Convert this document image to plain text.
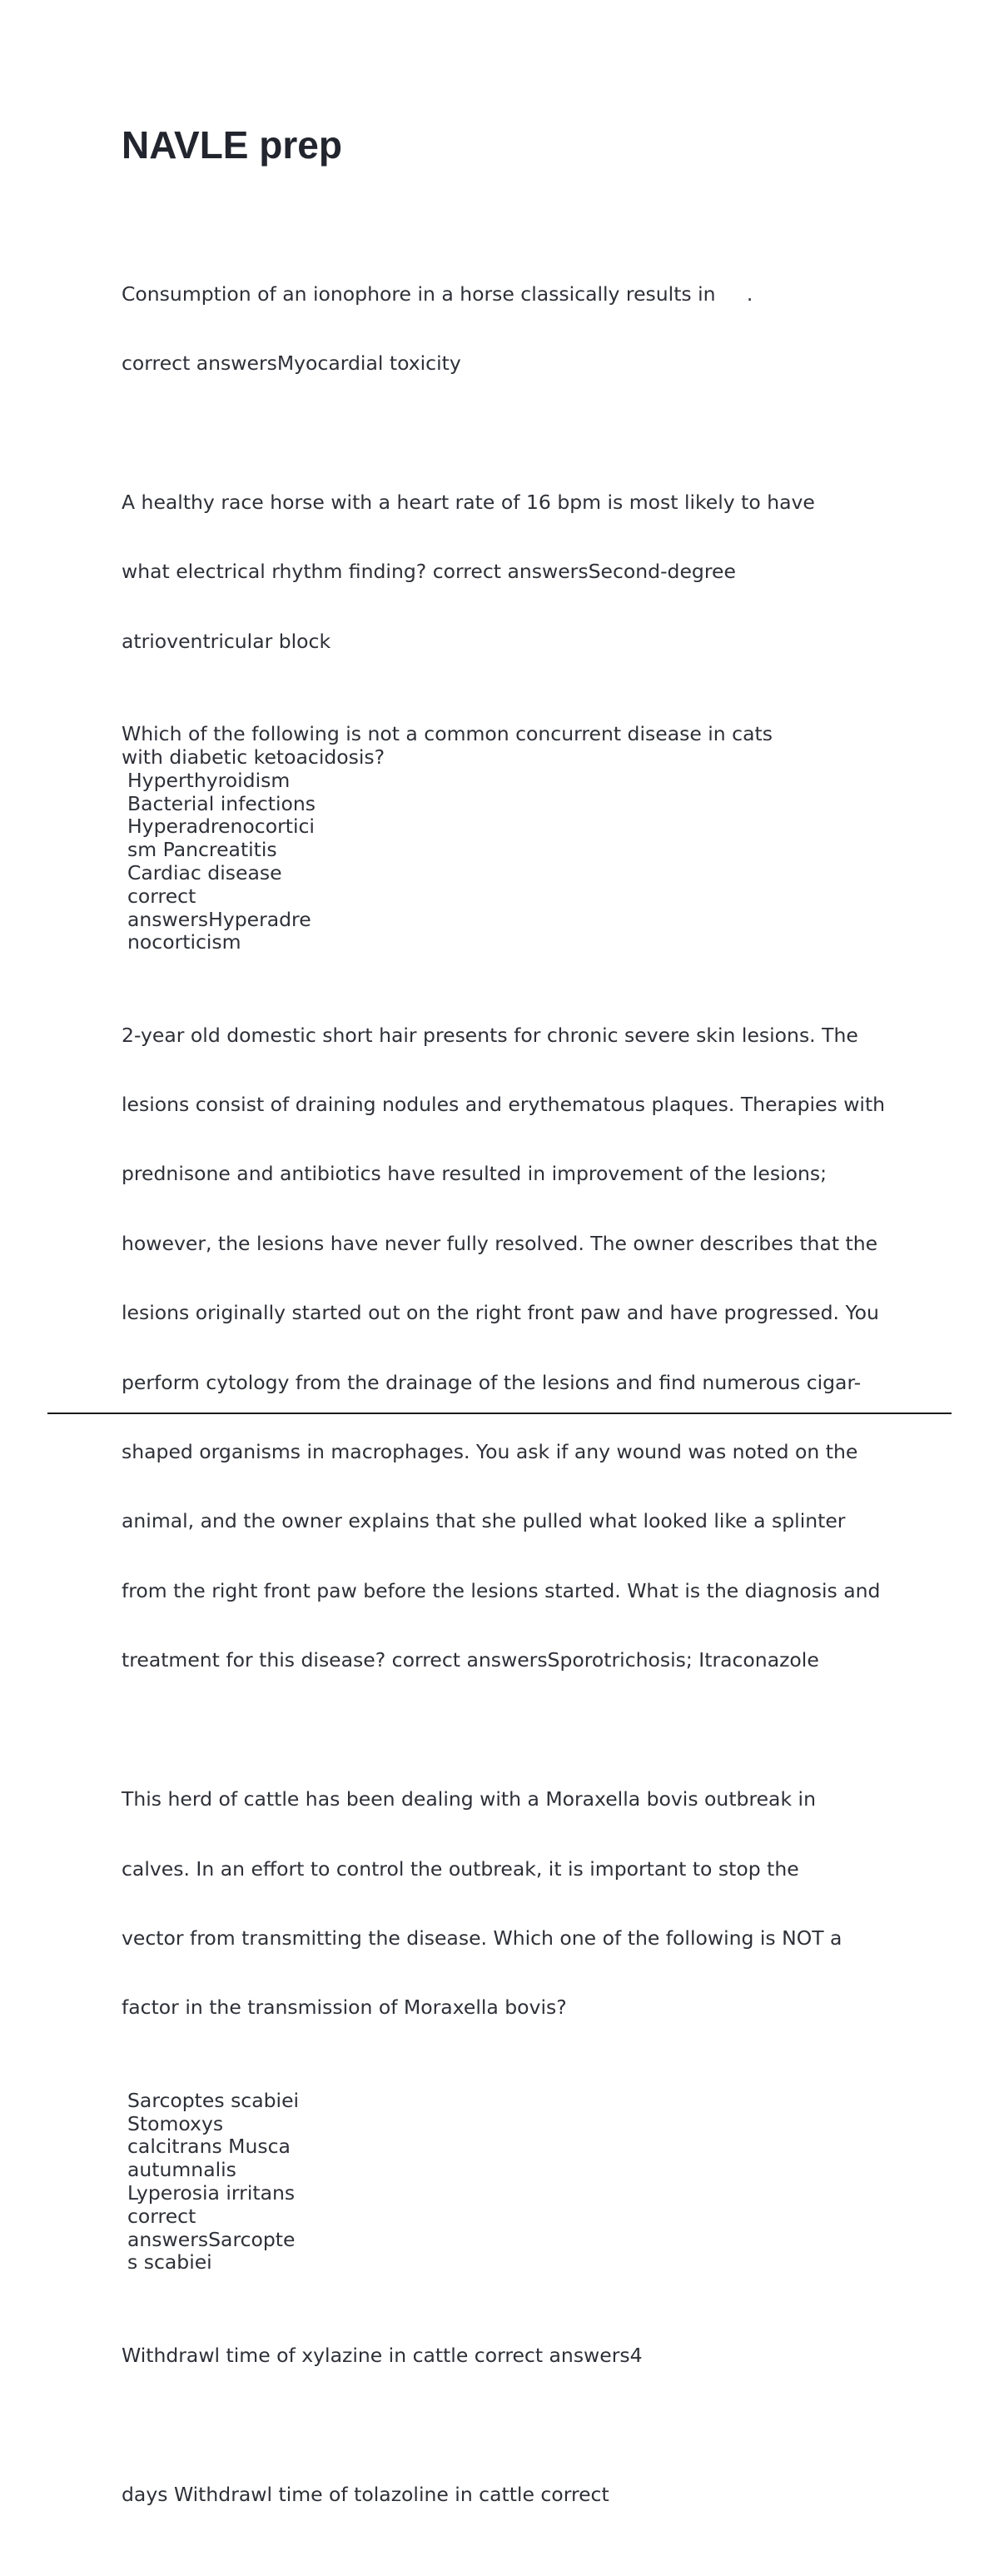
NAVLE prep

Consumption of an ionophore in a horse classically results in     .

correct answersMyocardial toxicity

A healthy race horse with a heart rate of 16 bpm is most likely to have

what electrical rhythm finding? correct answersSecond-degree

atrioventricular block

Which of the following is not a common concurrent disease in cats
with diabetic ketoacidosis?
Hyperthyroidism
Bacterial infections
Hyperadrenocortici
sm Pancreatitis
Cardiac disease
correct
answersHyperadre
nocorticism

2-year old domestic short hair presents for chronic severe skin lesions. The

lesions consist of draining nodules and erythematous plaques. Therapies with

prednisone and antibiotics have resulted in improvement of the lesions;

however, the lesions have never fully resolved. The owner describes that the

lesions originally started out on the right front paw and have progressed. You

perform cytology from the drainage of the lesions and find numerous cigar-

shaped organisms in macrophages. You ask if any wound was noted on the

animal, and the owner explains that she pulled what looked like a splinter

from the right front paw before the lesions started. What is the diagnosis and

treatment for this disease? correct answersSporotrichosis; Itraconazole

This herd of cattle has been dealing with a Moraxella bovis outbreak in

calves. In an effort to control the outbreak, it is important to stop the

vector from transmitting the disease. Which one of the following is NOT a

factor in the transmission of Moraxella bovis?

Sarcoptes scabiei
Stomoxys
calcitrans Musca
autumnalis
Lyperosia irritans
correct
answersSarcopte
s scabiei

Withdrawl time of xylazine in cattle correct answers4

days Withdrawl time of tolazoline in cattle correct
